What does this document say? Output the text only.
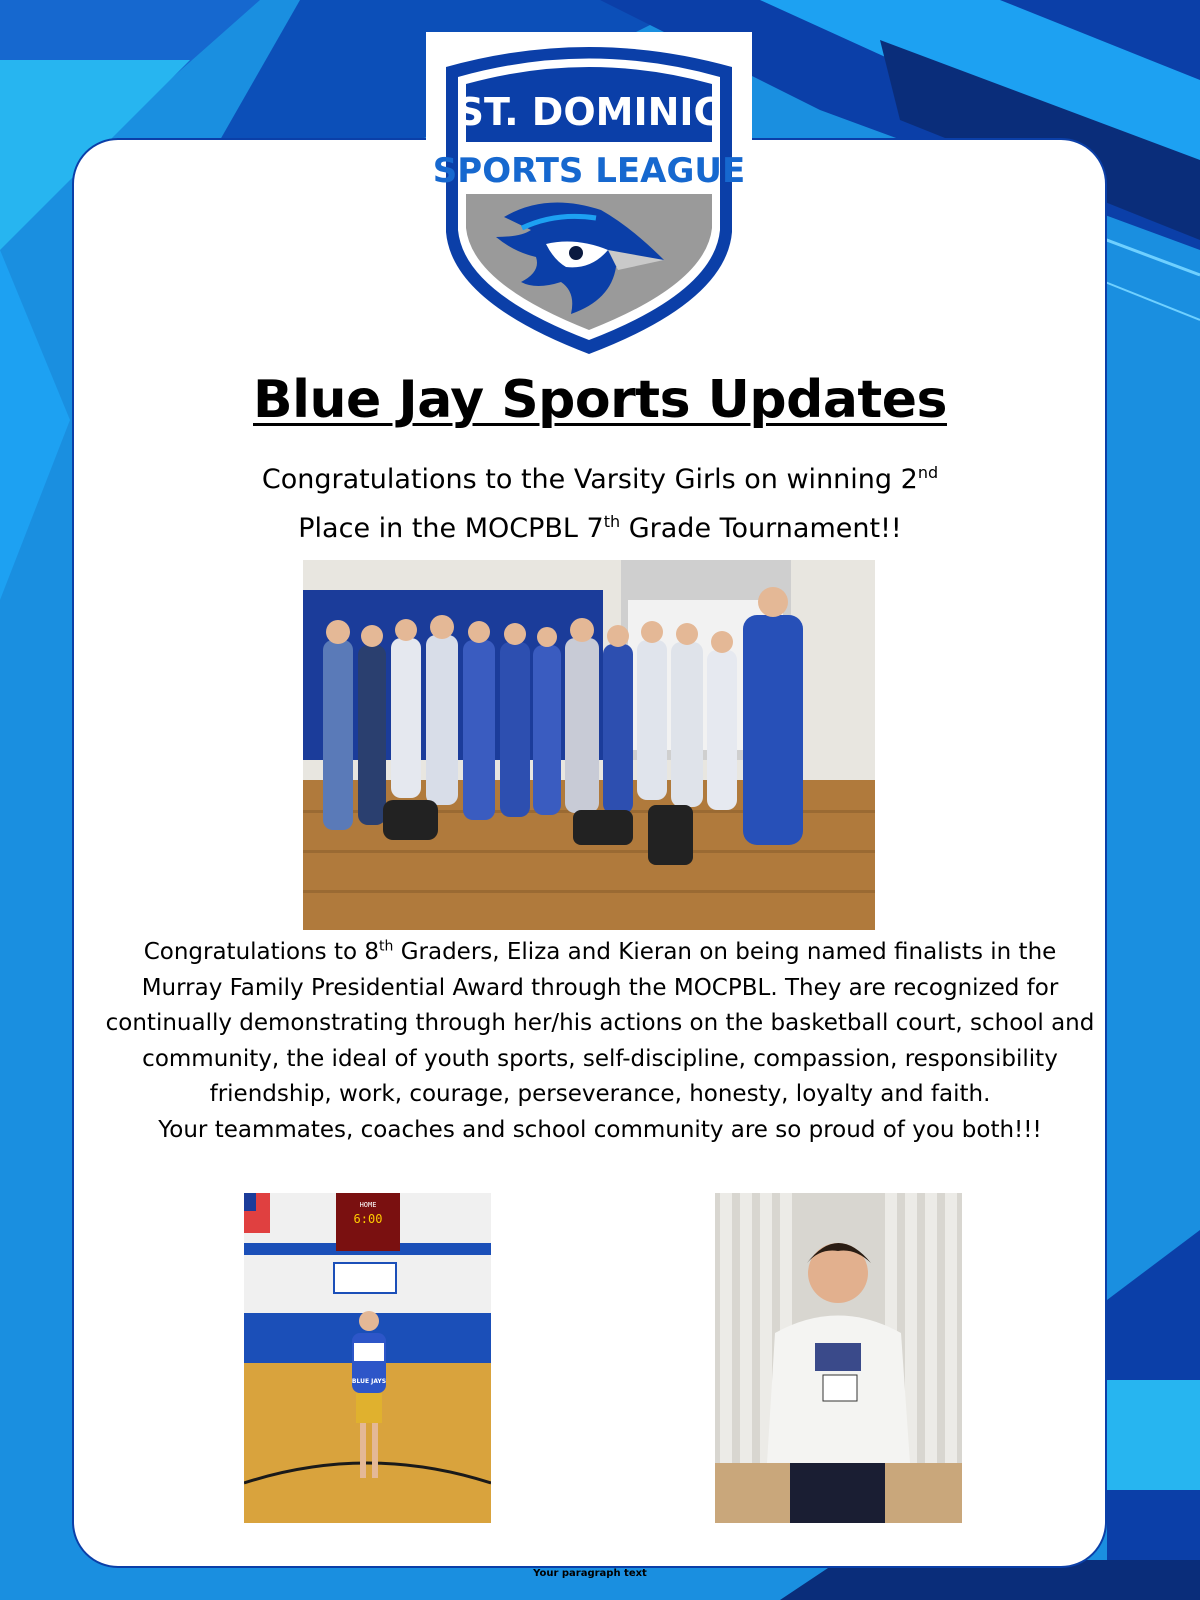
ST. DOMINIC
SPORTS LEAGUE
Blue Jay Sports Updates

Congratulations to the Varsity Girls on winning 2nd
Place in the MOCPBL 7th Grade Tournament!!

Congratulations to 8th Graders, Eliza and Kieran on being named finalists in the Murray Family Presidential Award through the MOCPBL. They are recognized for continually demonstrating through her/his actions on the basketball court, school and community, the ideal of youth sports, self-discipline, compassion, responsibility friendship, work, courage, perseverance, honesty, loyalty and faith.
Your teammates, coaches and school community are so proud of you both!!!

HOME
6:00
BLUE JAYS
Your paragraph text
